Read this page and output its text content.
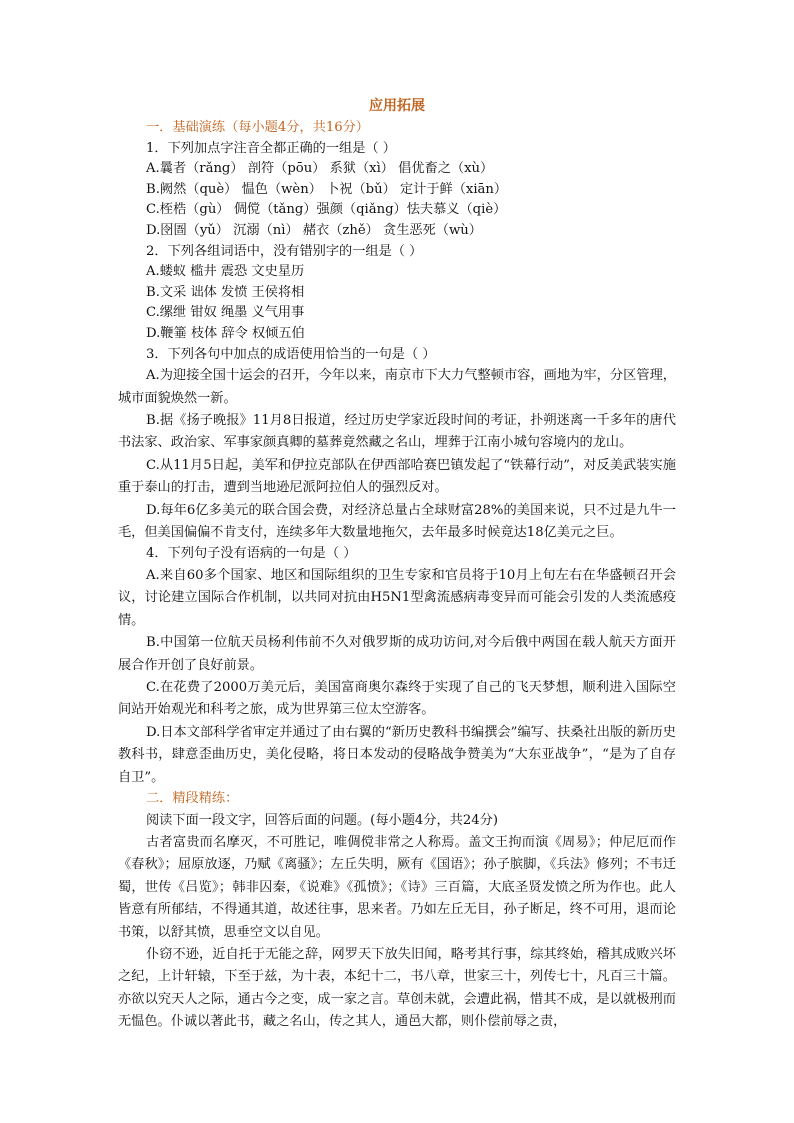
应用拓展

一．基础演练（每小题4分，共16分）

1．下列加点字注音全都正确的一组是（ ）

A.曩者（rǎng） 剖符（pōu） 系狱（xì） 倡优畜之（xù）

B.阙然（què） 愠色（wèn） 卜祝（bǔ） 定计于鲜（xiān）

C.桎梏（gù） 倜傥（tǎng）强颜（qiǎng）怯夫慕义（qiè）

D.囹圄（yǔ） 沉溺（nì） 赭衣（zhě） 贪生恶死（wù）

2．下列各组词语中，没有错别字的一组是（ ）

A.蝼蚁 槛井 震恐 文史星历

B.文采 诎体 发愤 王侯将相

C.缧绁 钳奴 绳墨 义气用事

D.鞭箠 枝体 辞令 权倾五伯

3．下列各句中加点的成语使用恰当的一句是（ ）

A.为迎接全国十运会的召开，今年以来，南京市下大力气整顿市容，画地为牢，分区管理，城市面貌焕然一新。

B.据《扬子晚报》11月8日报道，经过历史学家近段时间的考证，扑朔迷离一千多年的唐代书法家、政治家、军事家颜真卿的墓葬竟然藏之名山，埋葬于江南小城句容境内的龙山。

C.从11月5日起，美军和伊拉克部队在伊西部哈赛巴镇发起了“铁幕行动”，对反美武装实施重于泰山的打击，遭到当地逊尼派阿拉伯人的强烈反对。

D.每年6亿多美元的联合国会费，对经济总量占全球财富28%的美国来说，只不过是九牛一毛，但美国偏偏不肯支付，连续多年大数量地拖欠，去年最多时候竟达18亿美元之巨。

4．下列句子没有语病的一句是（ ）

A.来自60多个国家、地区和国际组织的卫生专家和官员将于10月上旬左右在华盛顿召开会议，讨论建立国际合作机制，以共同对抗由H5N1型禽流感病毒变异而可能会引发的人类流感疫情。

B.中国第一位航天员杨利伟前不久对俄罗斯的成功访问,对今后俄中两国在载人航天方面开展合作开创了良好前景。

C.在花费了2000万美元后，美国富商奥尔森终于实现了自己的飞天梦想，顺利进入国际空间站开始观光和科考之旅，成为世界第三位太空游客。

D.日本文部科学省审定并通过了由右翼的“新历史教科书编撰会”编写、扶桑社出版的新历史教科书，肆意歪曲历史，美化侵略，将日本发动的侵略战争赞美为“大东亚战争”，“是为了自存自卫”。

二．精段精练：

阅读下面一段文字，回答后面的问题。(每小题4分，共24分)

古者富贵而名摩灭，不可胜记，唯倜傥非常之人称焉。盖文王拘而演《周易》；仲尼厄而作《春秋》；屈原放逐，乃赋《离骚》；左丘失明，厥有《国语》；孙子膑脚，《兵法》修列；不韦迁蜀，世传《吕览》；韩非囚秦，《说难》《孤愤》；《诗》三百篇，大底圣贤发愤之所为作也。此人皆意有所郁结，不得通其道，故述往事，思来者。乃如左丘无目，孙子断足，终不可用，退而论书策，以舒其愤，思垂空文以自见。

仆窃不逊，近自托于无能之辞，网罗天下放失旧闻，略考其行事，综其终始，稽其成败兴坏之纪，上计轩辕，下至于兹，为十表，本纪十二，书八章，世家三十，列传七十，凡百三十篇。亦欲以究天人之际，通古今之变，成一家之言。草创未就，会遭此祸，惜其不成，是以就极刑而无愠色。仆诚以著此书，藏之名山，传之其人，通邑大都，则仆偿前辱之责，
